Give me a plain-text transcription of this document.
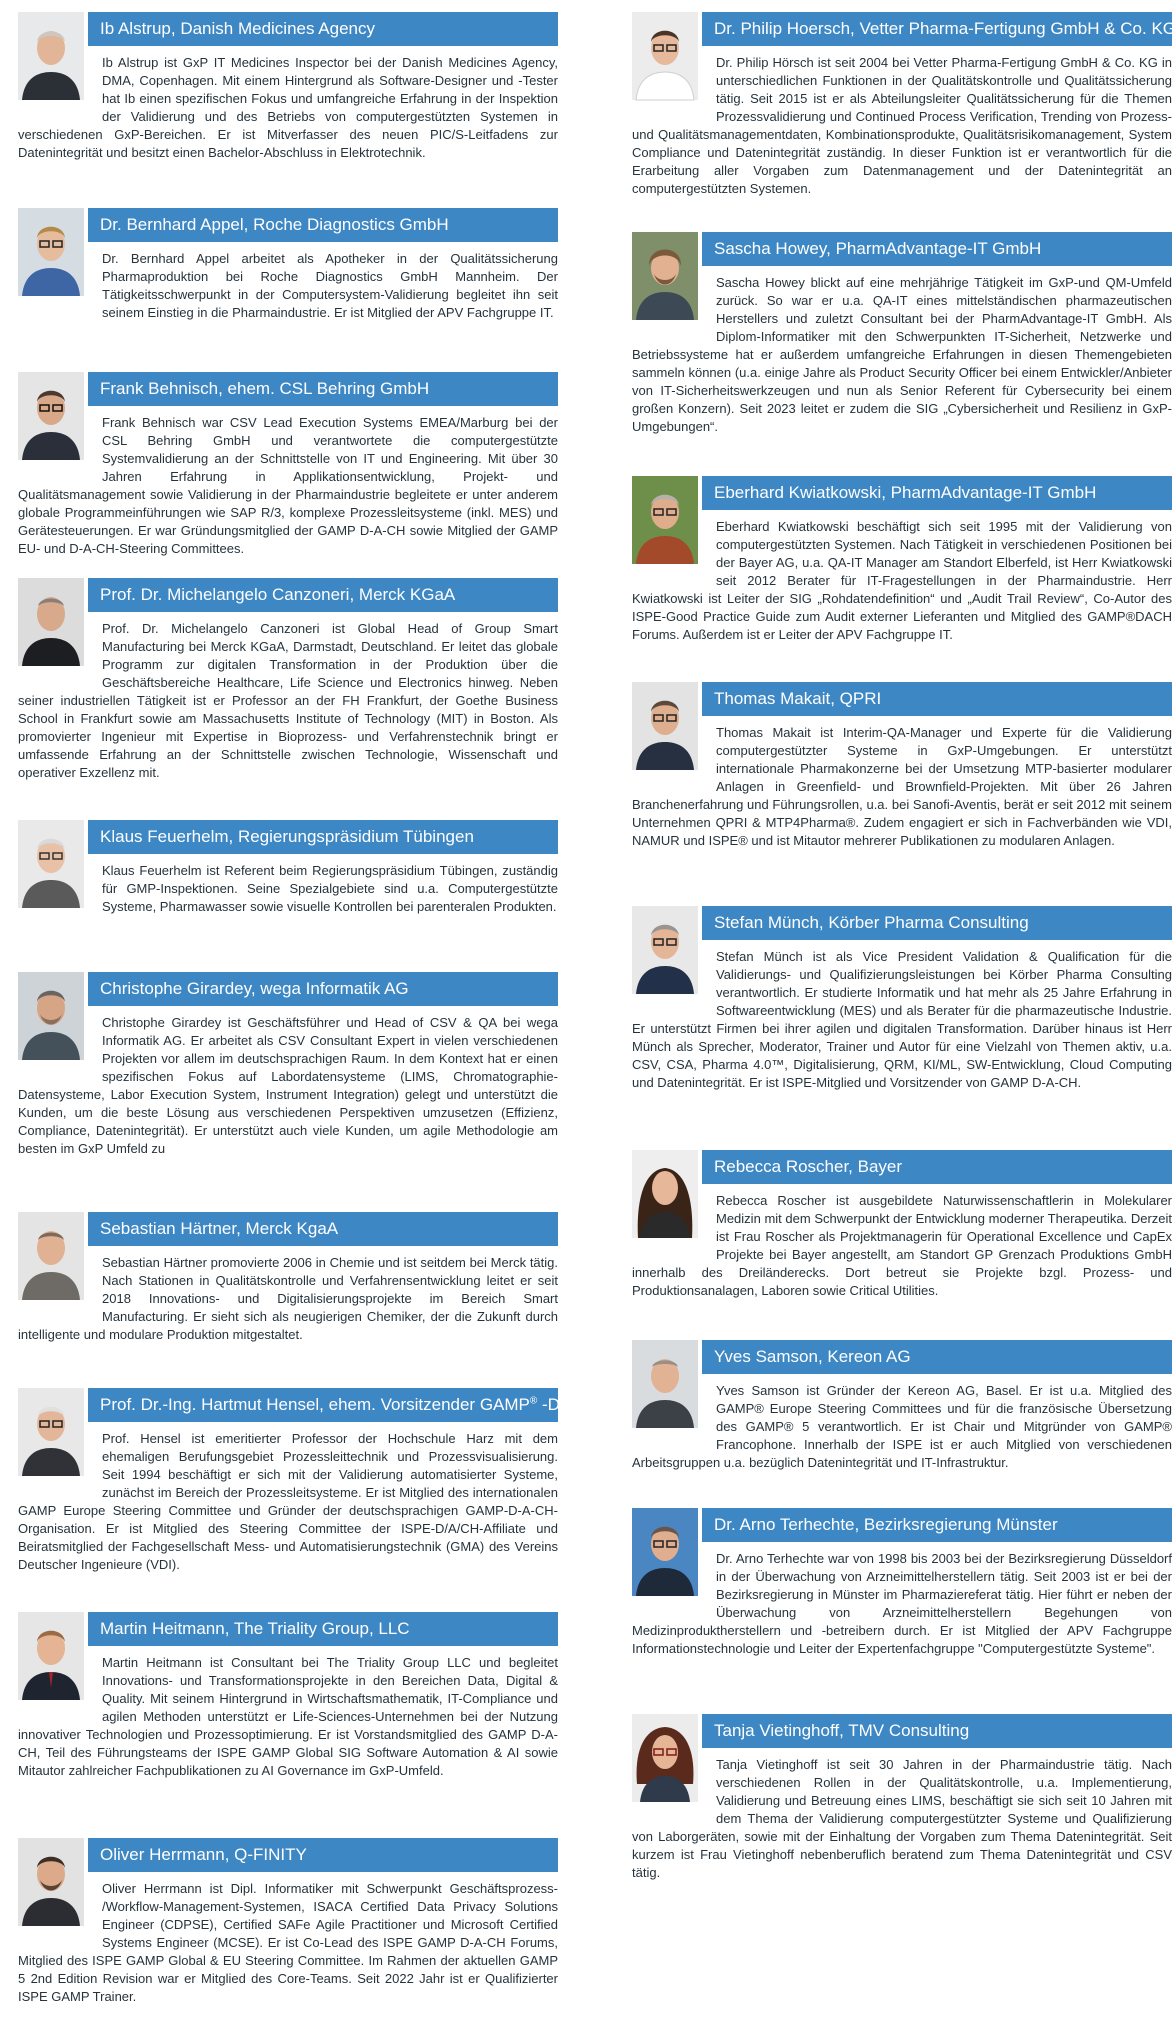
Ib Alstrup, Danish Medicines Agency

Ib Alstrup ist GxP IT Medicines Inspector bei der Danish Medicines Agency, DMA, Copenhagen. Mit einem Hintergrund als Software-Designer und -Tester hat Ib einen spezifischen Fokus und umfangreiche Erfahrung in der Inspektion der Validierung und des Betriebs von computergestützten Systemen in verschiedenen GxP-Bereichen. Er ist Mitverfasser des neuen PIC/S-Leitfadens zur Datenintegrität und besitzt einen Bachelor-Abschluss in Elektrotechnik.

Dr. Bernhard Appel, Roche Diagnostics GmbH

Dr. Bernhard Appel arbeitet als Apotheker in der Qualitätssicherung Pharmaproduktion bei Roche Diagnostics GmbH Mannheim. Der Tätigkeitsschwerpunkt in der Computersystem-Validierung begleitet ihn seit seinem Einstieg in die Pharmaindustrie. Er ist Mitglied der APV Fachgruppe IT.

Frank Behnisch, ehem. CSL Behring GmbH

Frank Behnisch war CSV Lead Execution Systems EMEA/Marburg bei der CSL Behring GmbH und verantwortete die computergestützte Systemvalidierung an der Schnittstelle von IT und Engineering. Mit über 30 Jahren Erfahrung in Applikationsentwicklung, Projekt- und Qualitätsmanagement sowie Validierung in der Pharmaindustrie begleitete er unter anderem globale Programmeinführungen wie SAP R/3, komplexe Prozessleitsysteme (inkl. MES) und Gerätesteuerungen. Er war Gründungsmitglied der GAMP D-A-CH sowie Mitglied der GAMP EU- und D-A-CH-Steering Committees.

Prof. Dr. Michelangelo Canzoneri, Merck KGaA

Prof. Dr. Michelangelo Canzoneri ist Global Head of Group Smart Manufacturing bei Merck KGaA, Darmstadt, Deutschland. Er leitet das globale Programm zur digitalen Transformation in der Produktion über die Geschäftsbereiche Healthcare, Life Science und Electronics hinweg. Neben seiner industriellen Tätigkeit ist er Professor an der FH Frankfurt, der Goethe Business School in Frankfurt sowie am Massachusetts Institute of Technology (MIT) in Boston. Als promovierter Ingenieur mit Expertise in Bioprozess- und Verfahrenstechnik bringt er umfassende Erfahrung an der Schnittstelle zwischen Technologie, Wissenschaft und operativer Exzellenz mit.

Klaus Feuerhelm, Regierungspräsidium Tübingen

Klaus Feuerhelm ist Referent beim Regierungspräsidium Tübingen, zuständig für GMP-Inspektionen. Seine Spezialgebiete sind u.a. Computergestützte Systeme, Pharmawasser sowie visuelle Kontrollen bei parenteralen Produkten.

Christophe Girardey, wega Informatik AG

Christophe Girardey ist Geschäftsführer und Head of CSV & QA bei wega Informatik AG. Er arbeitet als CSV Consultant Expert in vielen verschiedenen Projekten vor allem im deutschsprachigen Raum. In dem Kontext hat er einen spezifischen Fokus auf Labordatensysteme (LIMS, Chromatographie-Datensysteme, Labor Execution System, Instrument Integration) gelegt und unterstützt die Kunden, um die beste Lösung aus verschiedenen Perspektiven umzusetzen (Effizienz, Compliance, Datenintegrität). Er unterstützt auch viele Kunden, um agile Methodologie am besten im GxP Umfeld zu

Sebastian Härtner, Merck KgaA

Sebastian Härtner promovierte 2006 in Chemie und ist seitdem bei Merck tätig. Nach Stationen in Qualitätskontrolle und Verfahrensentwicklung leitet er seit 2018 Innovations- und Digitalisierungsprojekte im Bereich Smart Manufacturing. Er sieht sich als neugierigen Chemiker, der die Zukunft durch intelligente und modulare Produktion mitgestaltet.

Prof. Dr.-Ing. Hartmut Hensel, ehem. Vorsitzender GAMP® -D-A-CH

Prof. Hensel ist emeritierter Professor der Hochschule Harz mit dem ehemaligen Berufungsgebiet Prozessleittechnik und Prozessvisualisierung. Seit 1994 beschäftigt er sich mit der Validierung automatisierter Systeme, zunächst im Bereich der Prozessleitsysteme. Er ist Mitglied des internationalen GAMP Europe Steering Committee und Gründer der deutschsprachigen GAMP-D-A-CH-Organisation. Er ist Mitglied des Steering Committee der ISPE-D/A/CH-Affiliate und Beiratsmitglied der Fachgesellschaft Mess- und Automatisierungstechnik (GMA) des Vereins Deutscher Ingenieure (VDI).

Martin Heitmann, The Triality Group, LLC

Martin Heitmann ist Consultant bei The Triality Group LLC und begleitet Innovations- und Transformationsprojekte in den Bereichen Data, Digital & Quality. Mit seinem Hintergrund in Wirtschaftsmathematik, IT-Compliance und agilen Methoden unterstützt er Life-Sciences-Unternehmen bei der Nutzung innovativer Technologien und Prozessoptimierung. Er ist Vorstandsmitglied des GAMP D-A-CH, Teil des Führungsteams der ISPE GAMP Global SIG Software Automation & AI sowie Mitautor zahlreicher Fachpublikationen zu AI Governance im GxP-Umfeld.

Oliver Herrmann, Q-FINITY

Oliver Herrmann ist Dipl. Informatiker mit Schwerpunkt Geschäftsprozess- /Workflow-Management-Systemen, ISACA Certified Data Privacy Solutions Engineer (CDPSE), Certified SAFe Agile Practitioner und Microsoft Certified Systems Engineer (MCSE). Er ist Co-Lead des ISPE GAMP D-A-CH Forums, Mitglied des ISPE GAMP Global & EU Steering Committee. Im Rahmen der aktuellen GAMP 5 2nd Edition Revision war er Mitglied des Core-Teams. Seit 2022 Jahr ist er Qualifizierter ISPE GAMP Trainer.

Dr. Philip Hoersch, Vetter Pharma-Fertigung GmbH & Co. KG

Dr. Philip Hörsch ist seit 2004 bei Vetter Pharma-Fertigung GmbH & Co. KG in unterschiedlichen Funktionen in der Qualitätskontrolle und Qualitätssicherung tätig. Seit 2015 ist er als Abteilungsleiter Qualitätssicherung für die Themen Prozessvalidierung und Continued Process Verification, Trending von Prozess- und Qualitätsmanagementdaten, Kombinationsprodukte, Qualitätsrisikomanagement, System Compliance und Datenintegrität zuständig. In dieser Funktion ist er verantwortlich für die Erarbeitung aller Vorgaben zum Datenmanagement und der Datenintegrität an computergestützten Systemen.

Sascha Howey, PharmAdvantage-IT GmbH

Sascha Howey blickt auf eine mehrjährige Tätigkeit im GxP-und QM-Umfeld zurück. So war er u.a. QA-IT eines mittelständischen pharmazeutischen Herstellers und zuletzt Consultant bei der PharmAdvantage-IT GmbH. Als Diplom-Informatiker mit den Schwerpunkten IT-Sicherheit, Netzwerke und Betriebssysteme hat er außerdem umfangreiche Erfahrungen in diesen Themengebieten sammeln können (u.a. einige Jahre als Product Security Officer bei einem Entwickler/Anbieter von IT-Sicherheitswerkzeugen und nun als Senior Referent für Cybersecurity bei einem großen Konzern). Seit 2023 leitet er zudem die SIG „Cybersicherheit und Resilienz in GxP-Umgebungen“.

Eberhard Kwiatkowski, PharmAdvantage-IT GmbH

Eberhard Kwiatkowski beschäftigt sich seit 1995 mit der Validierung von computergestützten Systemen. Nach Tätigkeit in verschiedenen Positionen bei der Bayer AG, u.a. QA-IT Manager am Standort Elberfeld, ist Herr Kwiatkowski seit 2012 Berater für IT-Fragestellungen in der Pharmaindustrie. Herr Kwiatkowski ist Leiter der SIG „Rohdatendefinition“ und „Audit Trail Review“, Co-Autor des ISPE-Good Practice Guide zum Audit externer Lieferanten und Mitglied des GAMP®DACH Forums. Außerdem ist er Leiter der APV Fachgruppe IT.

Thomas Makait, QPRI

Thomas Makait ist Interim-QA-Manager und Experte für die Validierung computergestützter Systeme in GxP-Umgebungen. Er unterstützt internationale Pharmakonzerne bei der Umsetzung MTP-basierter modularer Anlagen in Greenfield- und Brownfield-Projekten. Mit über 26 Jahren Branchenerfahrung und Führungsrollen, u.a. bei Sanofi-Aventis, berät er seit 2012 mit seinem Unternehmen QPRI & MTP4Pharma®. Zudem engagiert er sich in Fachverbänden wie VDI, NAMUR und ISPE® und ist Mitautor mehrerer Publikationen zu modularen Anlagen.

Stefan Münch, Körber Pharma Consulting

Stefan Münch ist als Vice President Validation & Qualification für die Validierungs- und Qualifizierungsleistungen bei Körber Pharma Consulting verantwortlich. Er studierte Informatik und hat mehr als 25 Jahre Erfahrung in Softwareentwicklung (MES) und als Berater für die pharmazeutische Industrie. Er unterstützt Firmen bei ihrer agilen und digitalen Transformation. Darüber hinaus ist Herr Münch als Sprecher, Moderator, Trainer und Autor für eine Vielzahl von Themen aktiv, u.a. CSV, CSA, Pharma 4.0™, Digitalisierung, QRM, KI/ML, SW-Entwicklung, Cloud Computing und Datenintegrität. Er ist ISPE-Mitglied und Vorsitzender von GAMP D-A-CH.

Rebecca Roscher, Bayer

Rebecca Roscher ist ausgebildete Naturwissenschaftlerin in Molekularer Medizin mit dem Schwerpunkt der Entwicklung moderner Therapeutika. Derzeit ist Frau Roscher als Projektmanagerin für Operational Excellence und CapEx Projekte bei Bayer angestellt, am Standort GP Grenzach Produktions GmbH innerhalb des Dreiländerecks. Dort betreut sie Projekte bzgl. Prozess- und Produktionsanalagen, Laboren sowie Critical Utilities.

Yves Samson, Kereon AG

Yves Samson ist Gründer der Kereon AG, Basel. Er ist u.a. Mitglied des GAMP® Europe Steering Committees und für die französische Übersetzung des GAMP® 5 verantwortlich. Er ist Chair und Mitgründer von GAMP® Francophone. Innerhalb der ISPE ist er auch Mitglied von verschiedenen Arbeitsgruppen u.a. bezüglich Datenintegrität und IT-Infrastruktur.

Dr. Arno Terhechte, Bezirksregierung Münster

Dr. Arno Terhechte war von 1998 bis 2003 bei der Bezirksregierung Düsseldorf in der Überwachung von Arzneimittelherstellern tätig. Seit 2003 ist er bei der Bezirksregierung in Münster im Pharmaziereferat tätig. Hier führt er neben der Überwachung von Arzneimittelherstellern Begehungen von Medizinproduktherstellern und -betreibern durch. Er ist Mitglied der APV Fachgruppe Informationstechnologie und Leiter der Expertenfachgruppe "Computergestützte Systeme".

Tanja Vietinghoff, TMV Consulting

Tanja Vietinghoff ist seit 30 Jahren in der Pharmaindustrie tätig. Nach verschiedenen Rollen in der Qualitätskontrolle, u.a. Implementierung, Validierung und Betreuung eines LIMS, beschäftigt sie sich seit 10 Jahren mit dem Thema der Validierung computergestützter Systeme und Qualifizierung von Laborgeräten, sowie mit der Einhaltung der Vorgaben zum Thema Datenintegrität. Seit kurzem ist Frau Vietinghoff nebenberuflich beratend zum Thema Datenintegrität und CSV tätig.
